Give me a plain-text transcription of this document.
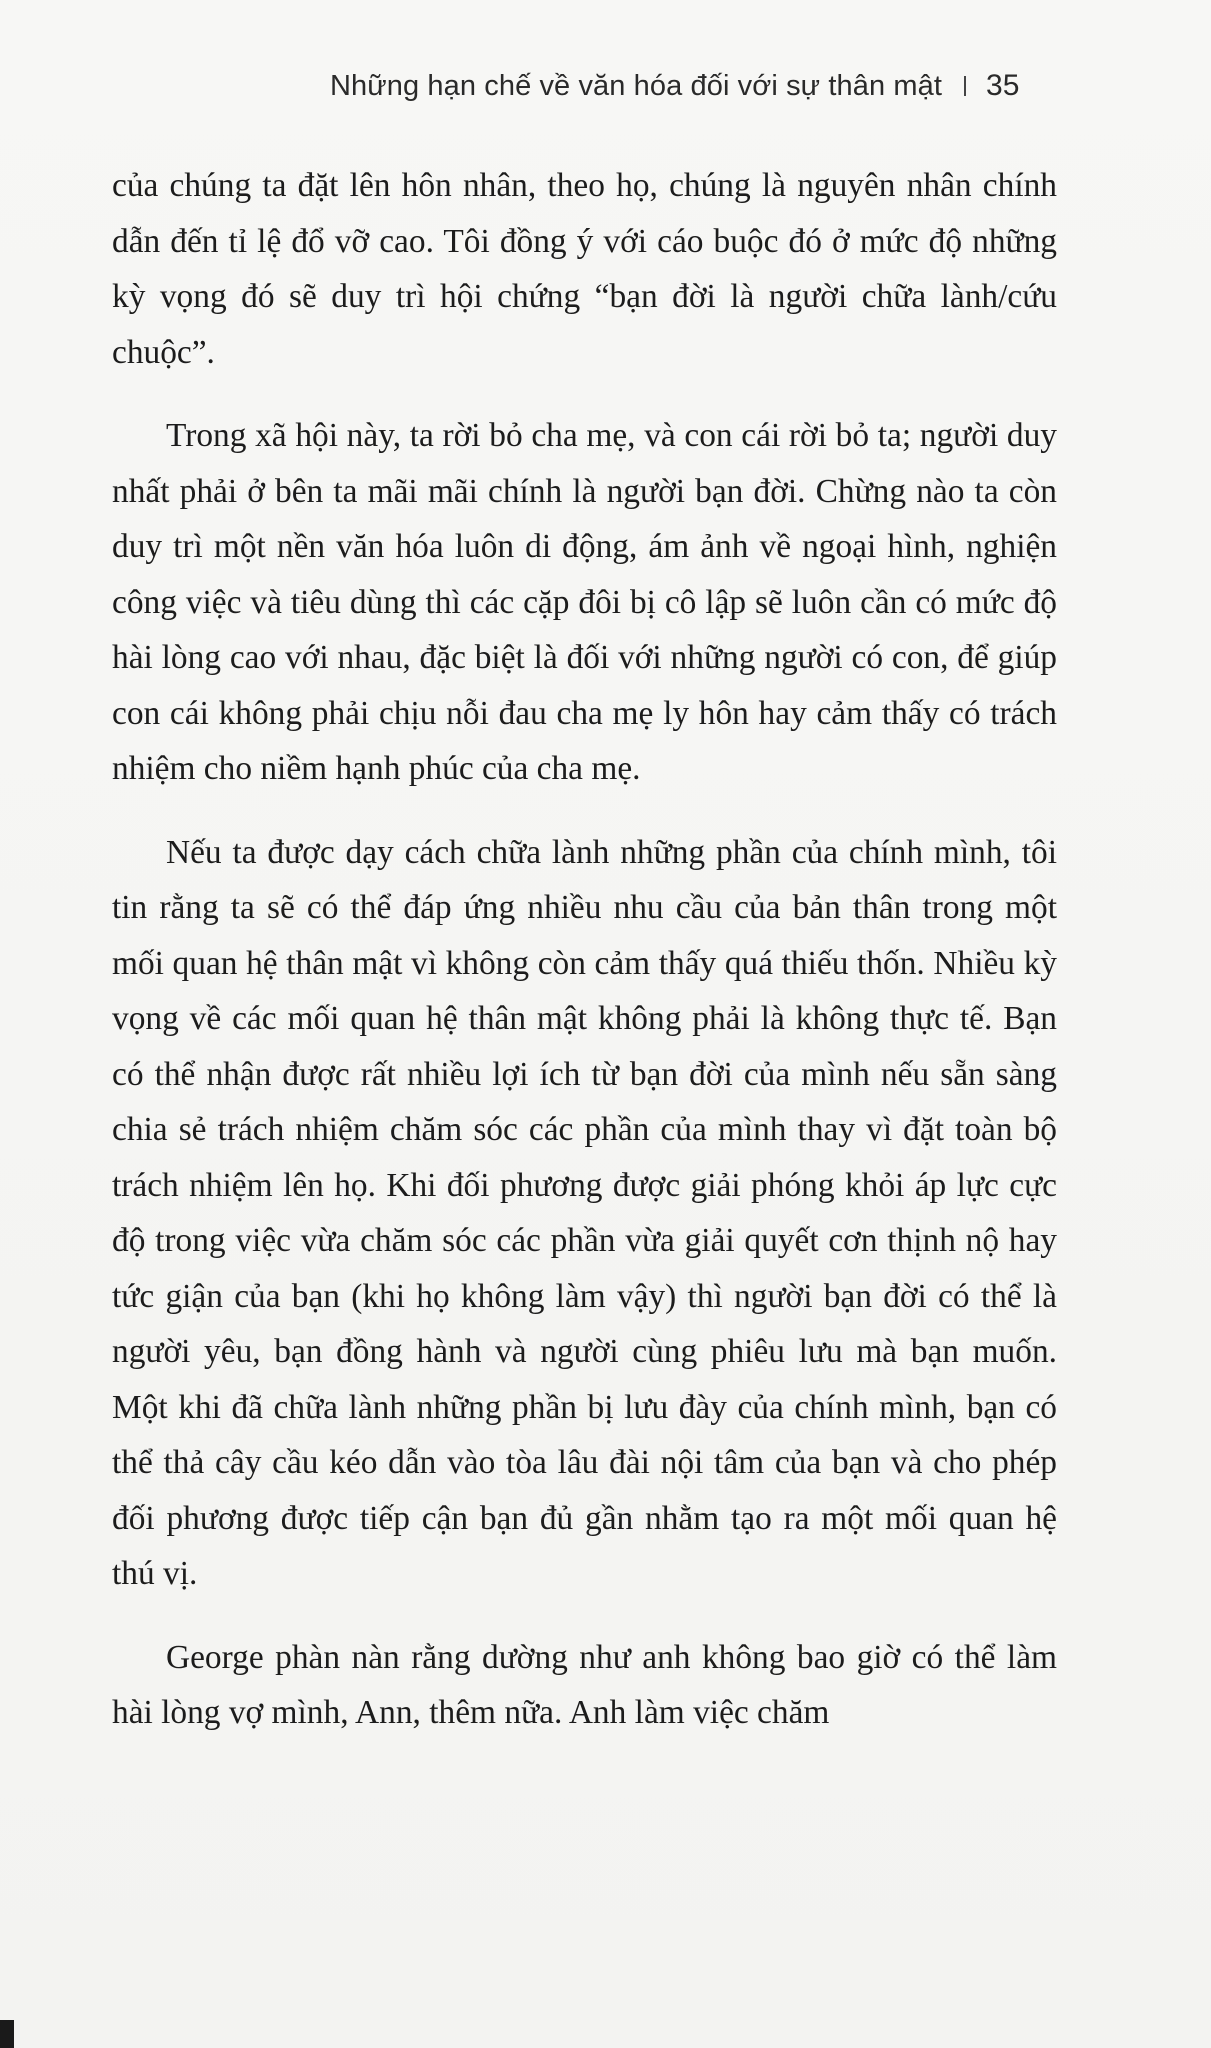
Những hạn chế về văn hóa đối với sự thân mật 35

của chúng ta đặt lên hôn nhân, theo họ, chúng là nguyên nhân chính dẫn đến tỉ lệ đổ vỡ cao. Tôi đồng ý với cáo buộc đó ở mức độ những kỳ vọng đó sẽ duy trì hội chứng “bạn đời là người chữa lành/cứu chuộc”.

Trong xã hội này, ta rời bỏ cha mẹ, và con cái rời bỏ ta; người duy nhất phải ở bên ta mãi mãi chính là người bạn đời. Chừng nào ta còn duy trì một nền văn hóa luôn di động, ám ảnh về ngoại hình, nghiện công việc và tiêu dùng thì các cặp đôi bị cô lập sẽ luôn cần có mức độ hài lòng cao với nhau, đặc biệt là đối với những người có con, để giúp con cái không phải chịu nỗi đau cha mẹ ly hôn hay cảm thấy có trách nhiệm cho niềm hạnh phúc của cha mẹ.

Nếu ta được dạy cách chữa lành những phần của chính mình, tôi tin rằng ta sẽ có thể đáp ứng nhiều nhu cầu của bản thân trong một mối quan hệ thân mật vì không còn cảm thấy quá thiếu thốn. Nhiều kỳ vọng về các mối quan hệ thân mật không phải là không thực tế. Bạn có thể nhận được rất nhiều lợi ích từ bạn đời của mình nếu sẵn sàng chia sẻ trách nhiệm chăm sóc các phần của mình thay vì đặt toàn bộ trách nhiệm lên họ. Khi đối phương được giải phóng khỏi áp lực cực độ trong việc vừa chăm sóc các phần vừa giải quyết cơn thịnh nộ hay tức giận của bạn (khi họ không làm vậy) thì người bạn đời có thể là người yêu, bạn đồng hành và người cùng phiêu lưu mà bạn muốn. Một khi đã chữa lành những phần bị lưu đày của chính mình, bạn có thể thả cây cầu kéo dẫn vào tòa lâu đài nội tâm của bạn và cho phép đối phương được tiếp cận bạn đủ gần nhằm tạo ra một mối quan hệ thú vị.

George phàn nàn rằng dường như anh không bao giờ có thể làm hài lòng vợ mình, Ann, thêm nữa. Anh làm việc chăm
